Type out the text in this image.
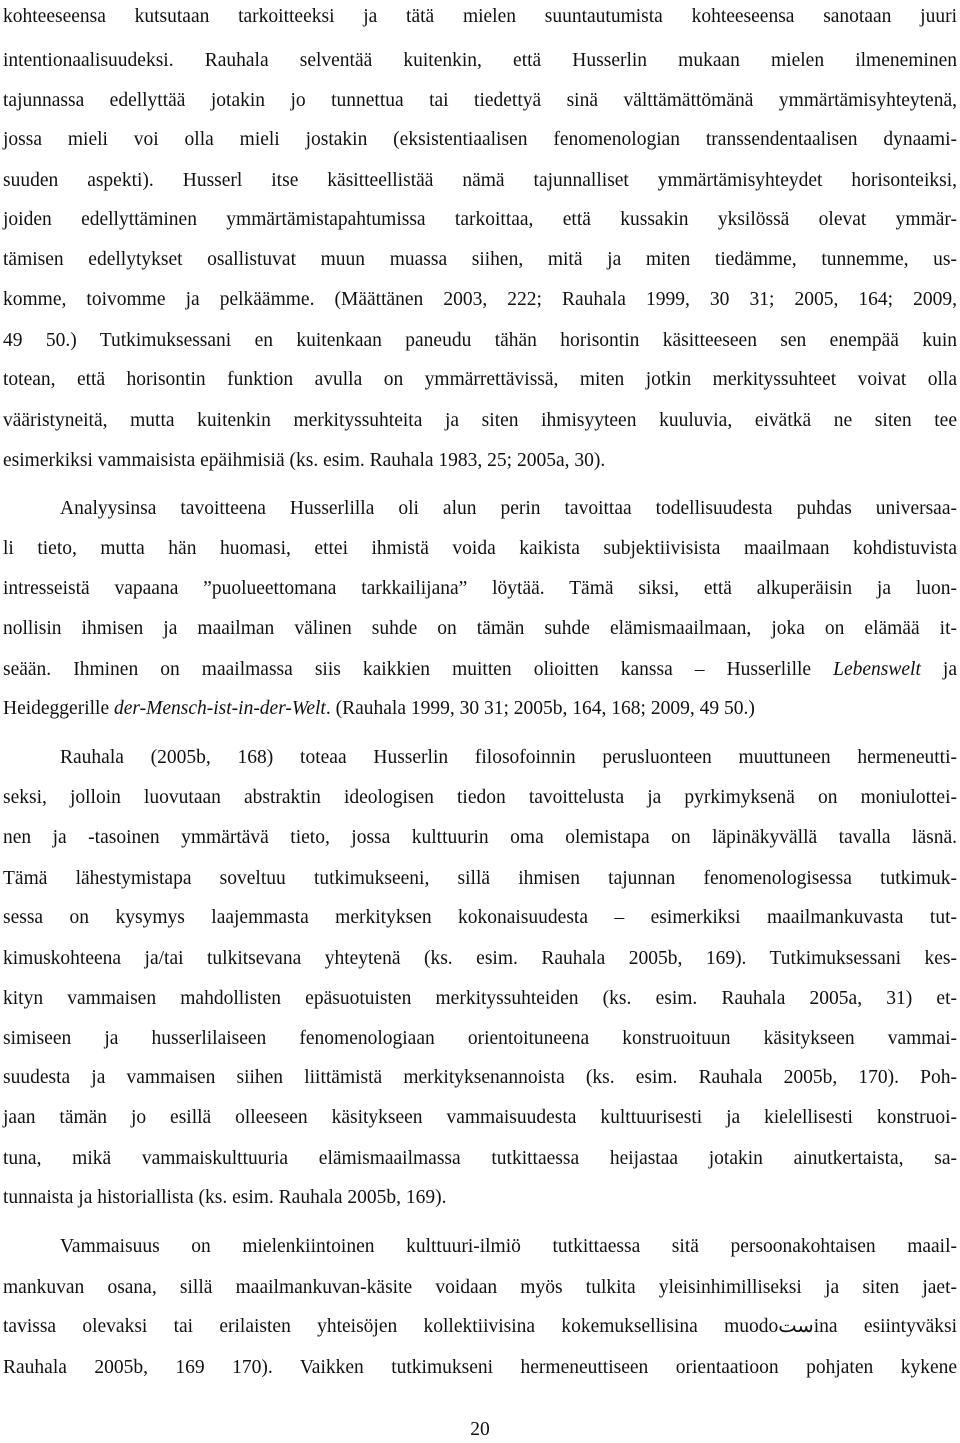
kohteeseensa kutsutaan tarkoitteeksi ja tätä mielen suuntautumista kohteeseensa sanotaan juuri
intentionaalisuudeksi. Rauhala selventää kuitenkin, että Husserlin mukaan mielen ilmeneminen
tajunnassa edellyttää jotakin jo tunnettua tai tiedettyä sinä välttämättömänä ymmärtämisyhteytenä,
jossa mieli voi olla mieli jostakin (eksistentiaalisen fenomenologian transsendentaalisen dynaami-
suuden aspekti). Husserl itse käsitteellistää nämä tajunnalliset ymmärtämisyhteydet horisonteiksi,
joiden edellyttäminen ymmärtämistapahtumissa tarkoittaa, että kussakin yksilössä olevat ymmär-
tämisen edellytykset osallistuvat muun muassa siihen, mitä ja miten tiedämme, tunnemme, us-
komme, toivomme ja pelkäämme. (Määttänen 2003, 222; Rauhala 1999, 30 31; 2005, 164; 2009,
49 50.) Tutkimuksessani en kuitenkaan paneudu tähän horisontin käsitteeseen sen enempää kuin
totean, että horisontin funktion avulla on ymmärrettävissä, miten jotkin merkityssuhteet voivat olla
vääristyneitä, mutta kuitenkin merkityssuhteita ja siten ihmisyyteen kuuluvia, eivätkä ne siten tee
esimerkiksi vammaisista epäihmisiä (ks. esim. Rauhala 1983, 25; 2005a, 30).
Analyysinsa tavoitteena Husserlilla oli alun perin tavoittaa todellisuudesta puhdas universaa-
li tieto, mutta hän huomasi, ettei ihmistä voida kaikista subjektiivisista maailmaan kohdistuvista
intresseistä vapaana ”puolueettomana tarkkailijana” löytää. Tämä siksi, että alkuperäisin ja luon-
nollisin ihmisen ja maailman välinen suhde on tämän suhde elämismaailmaan, joka on elämää it-
seään. Ihminen on maailmassa siis kaikkien muitten olioitten kanssa – Husserlille Lebenswelt ja
Heideggerille der-Mensch-ist-in-der-Welt. (Rauhala 1999, 30 31; 2005b, 164, 168; 2009, 49 50.)
Rauhala (2005b, 168) toteaa Husserlin filosofoinnin perusluonteen muuttuneen hermeneutti-
seksi, jolloin luovutaan abstraktin ideologisen tiedon tavoittelusta ja pyrkimyksenä on moniulottei-
nen ja -tasoinen ymmärtävä tieto, jossa kulttuurin oma olemistapa on läpinäkyvällä tavalla läsnä.
Tämä lähestymistapa soveltuu tutkimukseeni, sillä ihmisen tajunnan fenomenologisessa tutkimuk-
sessa on kysymys laajemmasta merkityksen kokonaisuudesta – esimerkiksi maailmankuvasta tut-
kimuskohteena ja/tai tulkitsevana yhteytenä (ks. esim. Rauhala 2005b, 169). Tutkimuksessani kes-
kityn vammaisen mahdollisten epäsuotuisten merkityssuhteiden (ks. esim. Rauhala 2005a, 31) et-
simiseen ja husserlilaiseen fenomenologiaan orientoituneena konstruoituun käsitykseen vammai-
suudesta ja vammaisen siihen liittämistä merkityksenannoista (ks. esim. Rauhala 2005b, 170). Poh-
jaan tämän jo esillä olleeseen käsitykseen vammaisuudesta kulttuurisesti ja kielellisesti konstruoi-
tuna, mikä vammaiskulttuuria elämismaailmassa tutkittaessa heijastaa jotakin ainutkertaista, sa-
tunnaista ja historiallista (ks. esim. Rauhala 2005b, 169).
Vammaisuus on mielenkiintoinen kulttuuri-ilmiö tutkittaessa sitä persoonakohtaisen maail-
mankuvan osana, sillä maailmankuvan-käsite voidaan myös tulkita yleisinhimilliseksi ja siten jaet-
tavissa olevaksi tai erilaisten yhteisöjen kollektiivisina kokemuksellisina muodoستina esiintyväksi
Rauhala 2005b, 169 170). Vaikken tutkimukseni hermeneuttiseen orientaatioon pohjaten kykene
20
